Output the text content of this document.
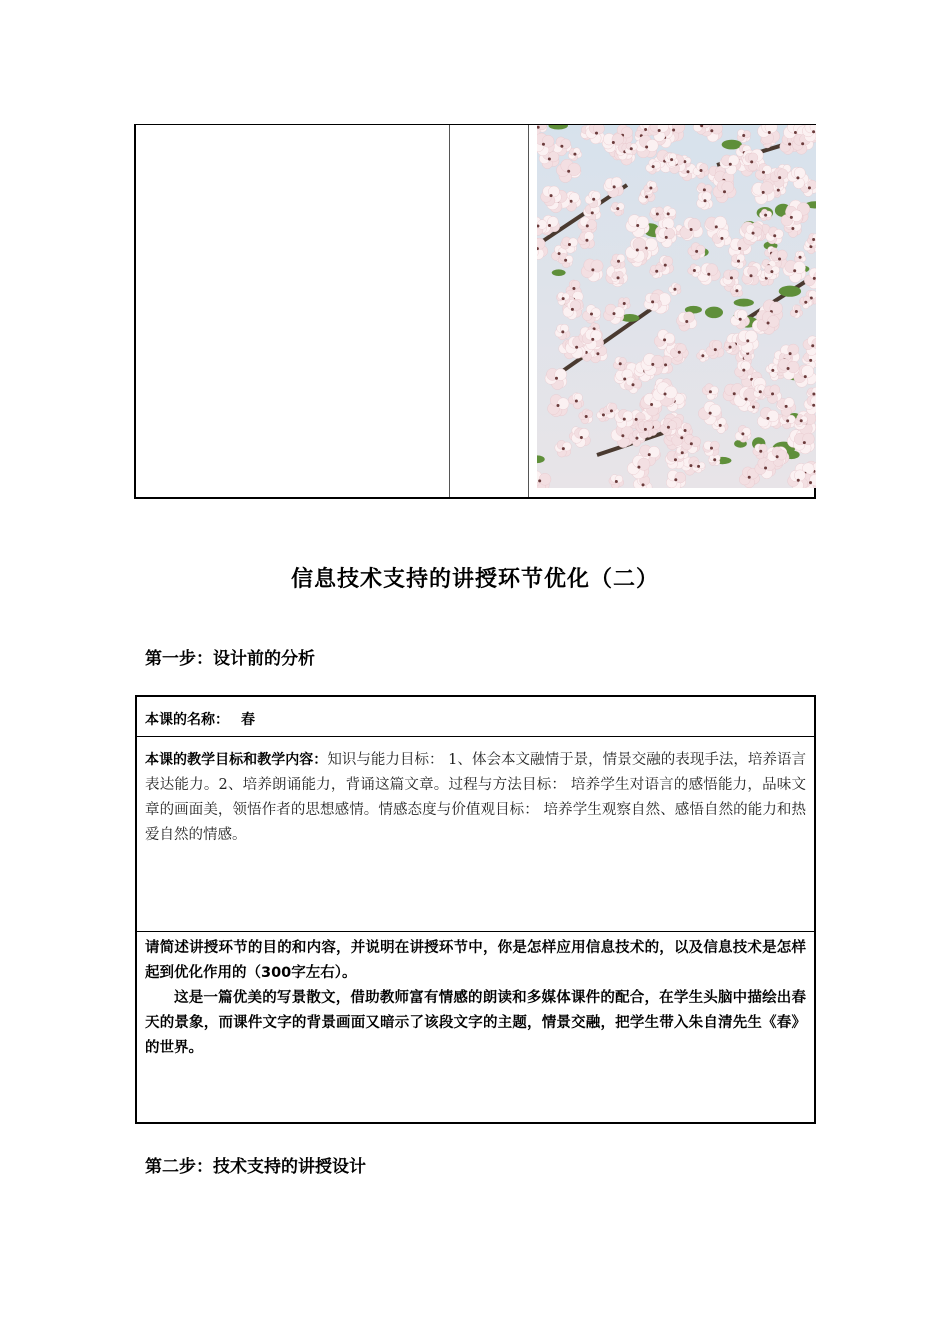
信息技术支持的讲授环节优化（二）
第一步：设计前的分析
本课的名称： 春
本课的教学目标和教学内容：知识与能力目标： 1、体会本文融情于景，情景交融的表现手法，培养语言表达能力。2、培养朗诵能力，背诵这篇文章。过程与方法目标： 培养学生对语言的感悟能力，品味文章的画面美，领悟作者的思想感情。情感态度与价值观目标： 培养学生观察自然、感悟自然的能力和热爱自然的情感。
请简述讲授环节的目的和内容，并说明在讲授环节中，你是怎样应用信息技术的，以及信息技术是怎样起到优化作用的（300字左右）。
这是一篇优美的写景散文，借助教师富有情感的朗读和多媒体课件的配合，在学生头脑中描绘出春天的景象，而课件文字的背景画面又暗示了该段文字的主题，情景交融，把学生带入朱自清先生《春》的世界。
第二步：技术支持的讲授设计
